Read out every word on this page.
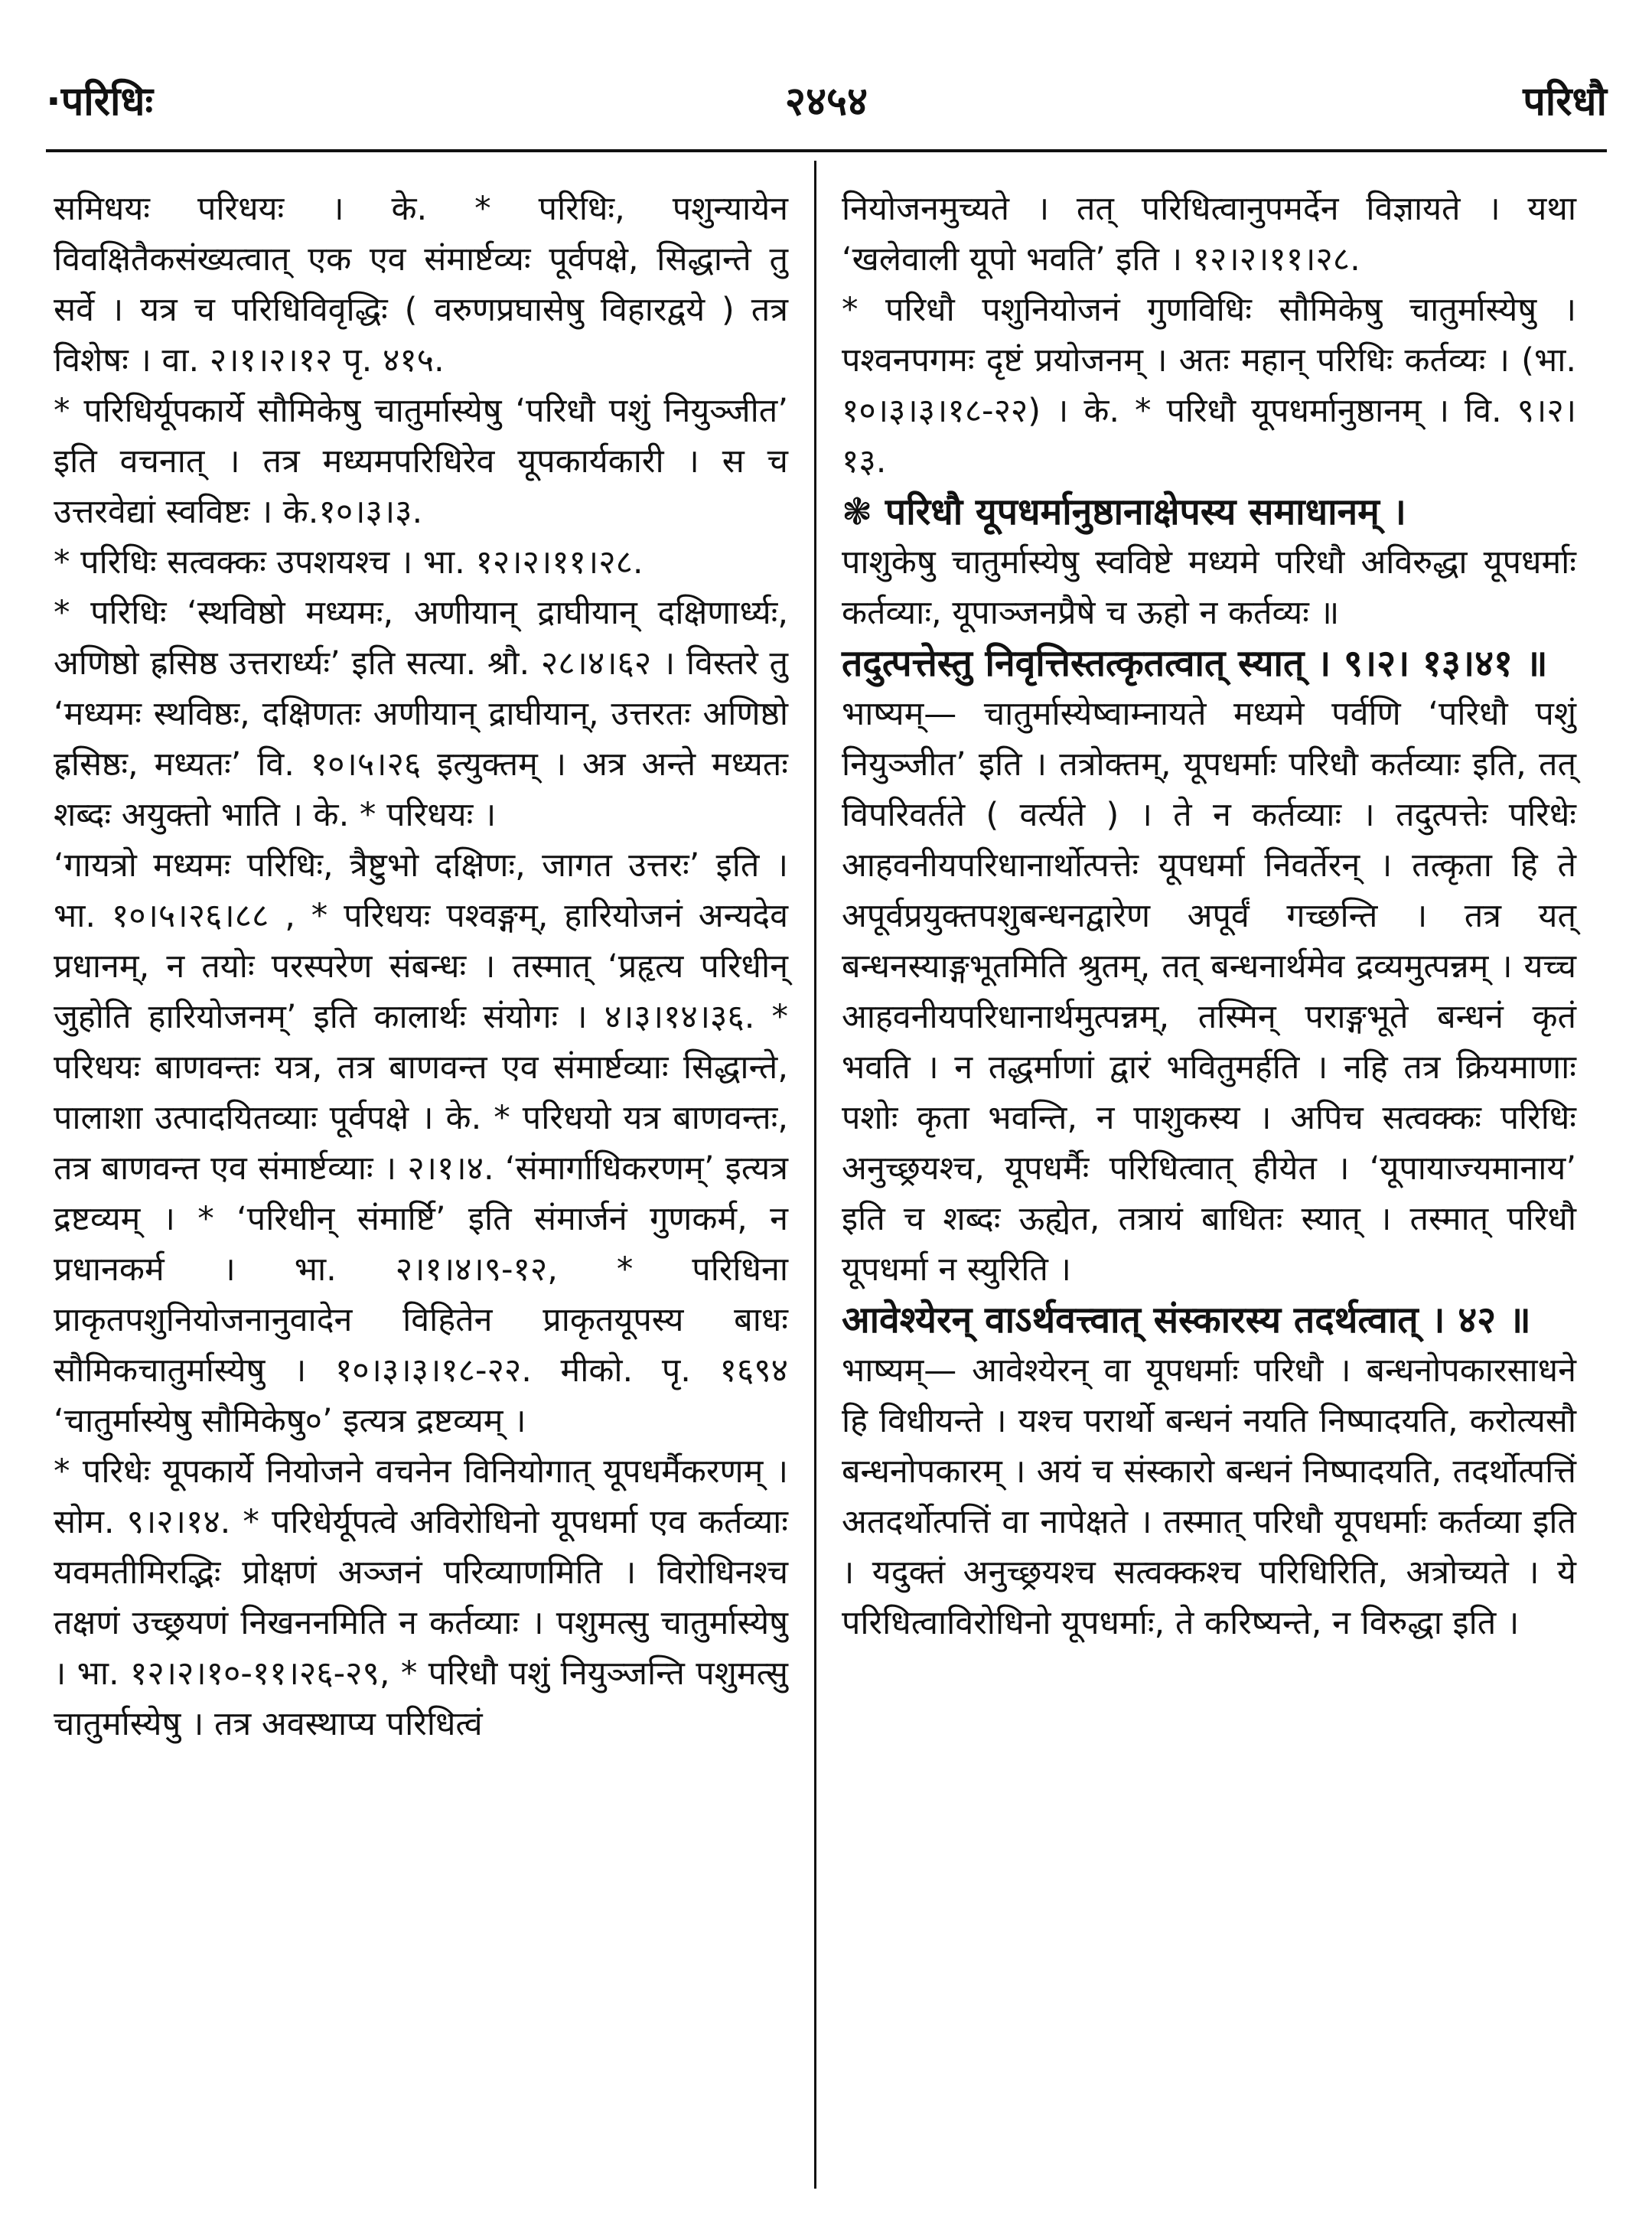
२४५४
·परिधिः	परिधौ

समिधयः परिधयः । के. * परिधिः, पशुन्यायेन विवक्षितैकसंख्यत्वात् एक एव संमार्ष्टव्यः पूर्वपक्षे, सिद्धान्ते तु सर्वे । यत्र च परिधिविवृद्धिः ( वरुणप्रघासेषु विहारद्वये ) तत्र विशेषः । वा. २।१।२।१२ पृ. ४१५.

* परिधिर्यूपकार्ये सौमिकेषु चातुर्मास्येषु ‘परिधौ पशुं नियुञ्जीत’ इति वचनात् । तत्र मध्यमपरिधिरेव यूपकार्यकारी । स च उत्तरवेद्यां स्वविष्टः । के.१०।३।३.

* परिधिः सत्वक्कः उपशयश्च । भा. १२।२।११।२८.

* परिधिः ‘स्थविष्ठो मध्यमः, अणीयान् द्राघीयान् दक्षिणार्ध्यः, अणिष्ठो ह्रसिष्ठ उत्तरार्ध्यः’ इति सत्या. श्रौ. २८।४।६२ । विस्तरे तु ‘मध्यमः स्थविष्ठः, दक्षिणतः अणीयान् द्राघीयान्, उत्तरतः अणिष्ठो ह्रसिष्ठः, मध्यतः’ वि. १०।५।२६ इत्युक्तम् । अत्र अन्ते मध्यतः शब्दः अयुक्तो भाति । के. * परिधयः ।

‘गायत्रो मध्यमः परिधिः, त्रैष्टुभो दक्षिणः, जागत उत्तरः’ इति । भा. १०।५।२६।८८ , * परिधयः पश्वङ्गम्, हारियोजनं अन्यदेव प्रधानम्, न तयोः परस्परेण संबन्धः । तस्मात् ‘प्रहृत्य परिधीन् जुहोति हारियोजनम्’ इति कालार्थः संयोगः । ४।३।१४।३६. * परिधयः बाणवन्तः यत्र, तत्र बाणवन्त एव संमार्ष्टव्याः सिद्धान्ते, पालाशा उत्पादयितव्याः पूर्वपक्षे । के. * परिधयो यत्र बाणवन्तः, तत्र बाणवन्त एव संमार्ष्टव्याः । २।१।४. ‘संमार्गाधिकरणम्’ इत्यत्र द्रष्टव्यम् । * ‘परिधीन् संमार्ष्टि’ इति संमार्जनं गुणकर्म, न प्रधानकर्म । भा. २।१।४।९-१२, * परिधिना प्राकृतपशुनियोजनानुवादेन विहितेन प्राकृतयूपस्य बाधः सौमिकचातुर्मास्येषु । १०।३।३।१८-२२. मीको. पृ. १६९४ ‘चातुर्मास्येषु सौमिकेषु०’ इत्यत्र द्रष्टव्यम् ।

* परिधेः यूपकार्ये नियोजने वचनेन विनियोगात् यूपधर्मैकरणम् । सोम. ९।२।१४. * परिधेर्यूपत्वे अविरोधिनो यूपधर्मा एव कर्तव्याः यवमतीमिरद्भिः प्रोक्षणं अञ्जनं परिव्याणमिति । विरोधिनश्च तक्षणं उच्छ्रयणं निखननमिति न कर्तव्याः । पशुमत्सु चातुर्मास्येषु । भा. १२।२।१०-११।२६-२९, * परिधौ पशुं नियुञ्जन्ति पशुमत्सु चातुर्मास्येषु । तत्र अवस्थाप्य परिधित्वं

नियोजनमुच्यते । तत् परिधित्वानुपमर्देन विज्ञायते । यथा ‘खलेवाली यूपो भवति’ इति । १२।२।११।२८.

* परिधौ पशुनियोजनं गुणविधिः सौमिकेषु चातुर्मास्येषु । पश्वनपगमः दृष्टं प्रयोजनम् । अतः महान् परिधिः कर्तव्यः । (भा. १०।३।३।१८-२२) । के. * परिधौ यूपधर्मानुष्ठानम् । वि. ९।२।१३.

❃ परिधौ यूपधर्मानुष्ठानाक्षेपस्य समाधानम् ।

पाशुकेषु चातुर्मास्येषु स्वविष्टे मध्यमे परिधौ अविरुद्धा यूपधर्माः कर्तव्याः, यूपाञ्जनप्रैषे च ऊहो न कर्तव्यः ॥

तदुत्पत्तेस्तु निवृत्तिस्तत्कृतत्वात् स्यात् । ९।२। १३।४१ ॥

भाष्यम्— चातुर्मास्येष्वाम्नायते मध्यमे पर्वणि ‘परिधौ पशुं नियुञ्जीत’ इति । तत्रोक्तम्, यूपधर्माः परिधौ कर्तव्याः इति, तत् विपरिवर्तते ( वर्त्यते ) । ते न कर्तव्याः । तदुत्पत्तेः परिधेः आहवनीयपरिधानार्थोत्पत्तेः यूपधर्मा निवर्तेरन् । तत्कृता हि ते अपूर्वप्रयुक्तपशुबन्धनद्वारेण अपूर्वं गच्छन्ति । तत्र यत् बन्धनस्याङ्गभूतमिति श्रुतम्, तत् बन्धनार्थमेव द्रव्यमुत्पन्नम् । यच्च आहवनीयपरिधानार्थमुत्पन्नम्, तस्मिन् पराङ्गभूते बन्धनं कृतं भवति । न तद्धर्माणां द्वारं भवितुमर्हति । नहि तत्र क्रियमाणाः पशोः कृता भवन्ति, न पाशुकस्य । अपिच सत्वक्कः परिधिः अनुच्छ्रयश्च, यूपधर्मैः परिधित्वात् हीयेत । ‘यूपायाज्यमानाय’ इति च शब्दः ऊह्येत, तत्रायं बाधितः स्यात् । तस्मात् परिधौ यूपधर्मा न स्युरिति ।

आवेश्येरन् वाऽर्थवत्त्वात् संस्कारस्य तदर्थत्वात् । ४२ ॥

भाष्यम्— आवेश्येरन् वा यूपधर्माः परिधौ । बन्धनोपकारसाधने हि विधीयन्ते । यश्च परार्थो बन्धनं नयति निष्पादयति, करोत्यसौ बन्धनोपकारम् । अयं च संस्कारो बन्धनं निष्पादयति, तदर्थोत्पत्तिं अतदर्थोत्पत्तिं वा नापेक्षते । तस्मात् परिधौ यूपधर्माः कर्तव्या इति । यदुक्तं अनुच्छ्रयश्च सत्वक्कश्च परिधिरिति, अत्रोच्यते । ये परिधित्वाविरोधिनो यूपधर्माः, ते करिष्यन्ते, न विरुद्धा इति ।
